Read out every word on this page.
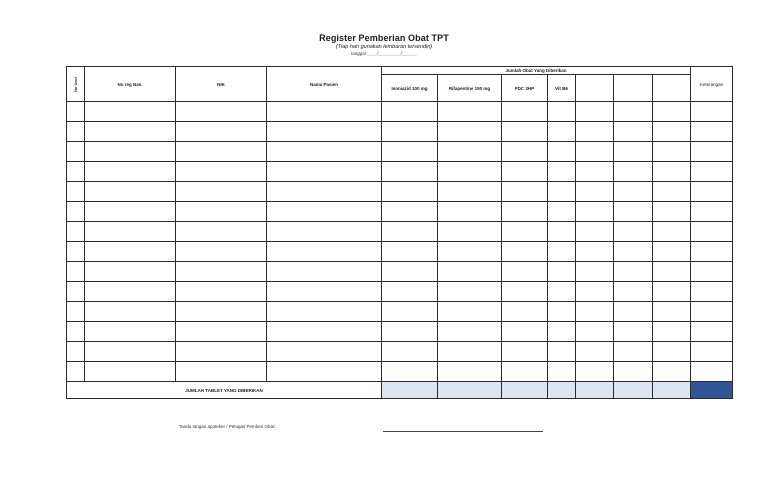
Register Pemberian Obat TPT
(Tiap hari gunakan lembaran tersendiri)
tanggal ____/_________/______
No Urut	No reg Nas.	NIK	Nama Pasien	Jumlah Obat Yang Diberikan							Keterangan
				Isoniazid 100 mg	Rifapentine 150 mg	FDC 3HP	Vit B6				

JUMLAH TABLET YANG DIBERIKAN											
Tanda tangan apoteker / Petugas Pemberi Obat:
